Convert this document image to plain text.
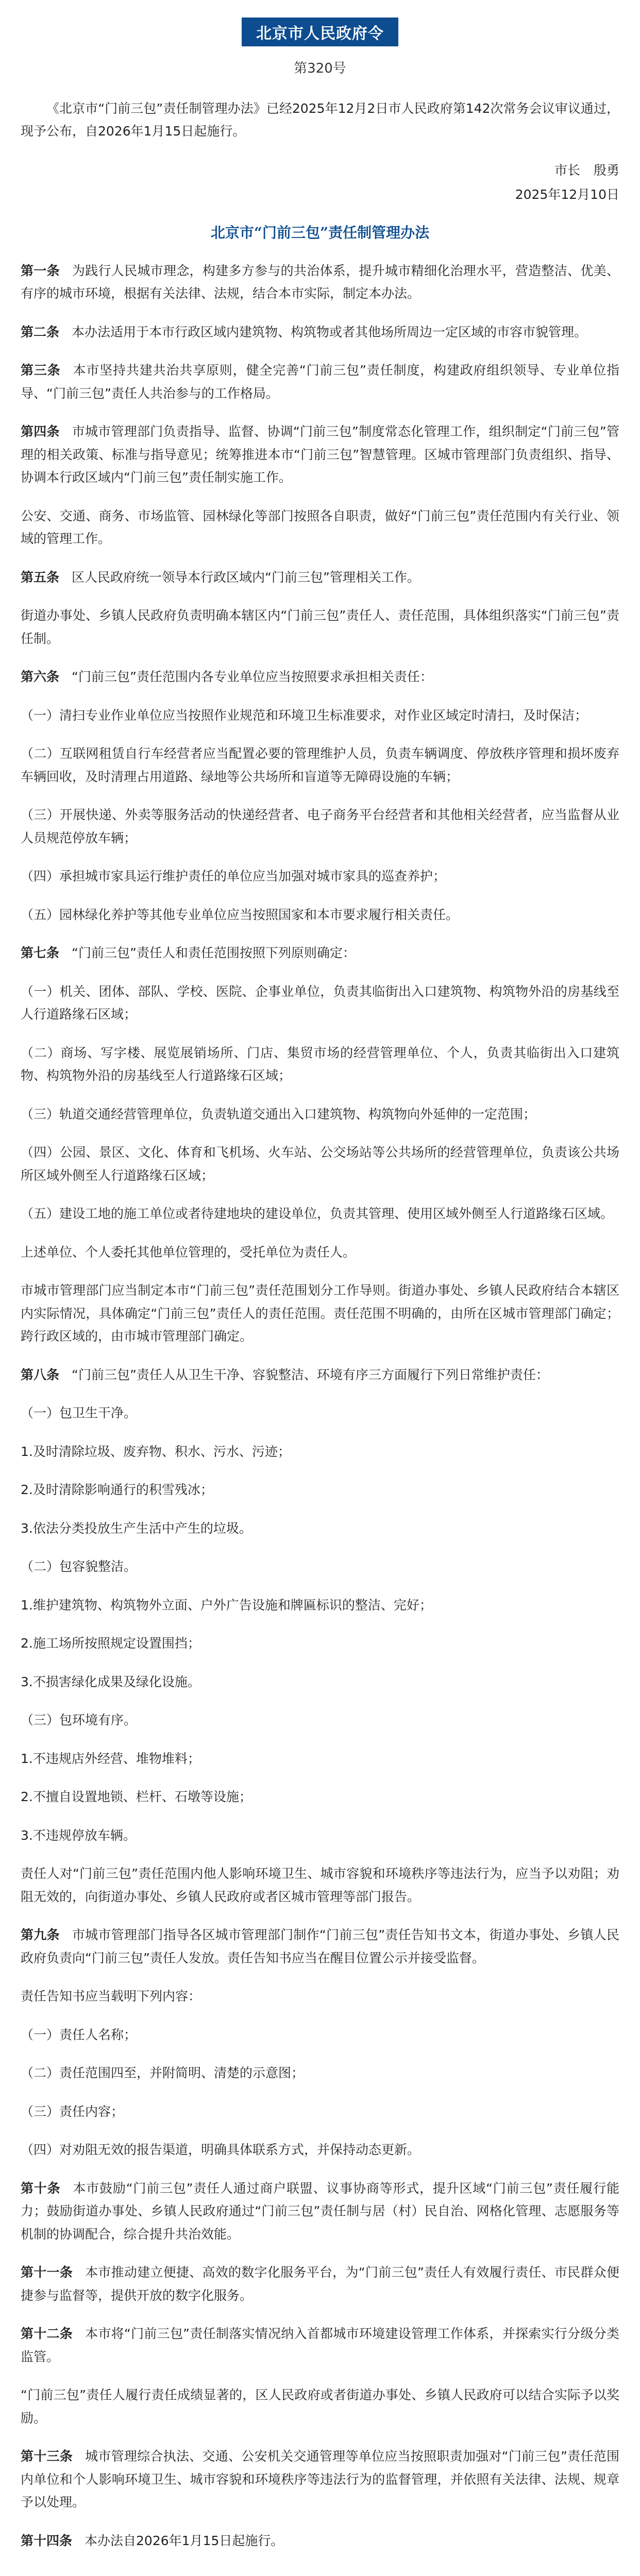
北京市人民政府令
第320号

《北京市“门前三包”责任制管理办法》已经2025年12月2日市人民政府第142次常务会议审议通过，现予公布，自2026年1月15日起施行。

市长 殷勇
2025年12月10日
北京市“门前三包”责任制管理办法

第一条 为践行人民城市理念，构建多方参与的共治体系，提升城市精细化治理水平，营造整洁、优美、有序的城市环境，根据有关法律、法规，结合本市实际，制定本办法。

第二条 本办法适用于本市行政区域内建筑物、构筑物或者其他场所周边一定区域的市容市貌管理。

第三条 本市坚持共建共治共享原则，健全完善“门前三包”责任制度，构建政府组织领导、专业单位指导、“门前三包”责任人共治参与的工作格局。

第四条 市城市管理部门负责指导、监督、协调“门前三包”制度常态化管理工作，组织制定“门前三包”管理的相关政策、标准与指导意见；统筹推进本市“门前三包”智慧管理。区城市管理部门负责组织、指导、协调本行政区域内“门前三包”责任制实施工作。

公安、交通、商务、市场监管、园林绿化等部门按照各自职责，做好“门前三包”责任范围内有关行业、领域的管理工作。

第五条 区人民政府统一领导本行政区域内“门前三包”管理相关工作。

街道办事处、乡镇人民政府负责明确本辖区内“门前三包”责任人、责任范围，具体组织落实“门前三包”责任制。

第六条 “门前三包”责任范围内各专业单位应当按照要求承担相关责任：

（一）清扫专业作业单位应当按照作业规范和环境卫生标准要求，对作业区域定时清扫，及时保洁；

（二）互联网租赁自行车经营者应当配置必要的管理维护人员，负责车辆调度、停放秩序管理和损坏废弃车辆回收，及时清理占用道路、绿地等公共场所和盲道等无障碍设施的车辆；

（三）开展快递、外卖等服务活动的快递经营者、电子商务平台经营者和其他相关经营者，应当监督从业人员规范停放车辆；

（四）承担城市家具运行维护责任的单位应当加强对城市家具的巡查养护；

（五）园林绿化养护等其他专业单位应当按照国家和本市要求履行相关责任。

第七条 “门前三包”责任人和责任范围按照下列原则确定：

（一）机关、团体、部队、学校、医院、企事业单位，负责其临街出入口建筑物、构筑物外沿的房基线至人行道路缘石区域；

（二）商场、写字楼、展览展销场所、门店、集贸市场的经营管理单位、个人，负责其临街出入口建筑物、构筑物外沿的房基线至人行道路缘石区域；

（三）轨道交通经营管理单位，负责轨道交通出入口建筑物、构筑物向外延伸的一定范围；

（四）公园、景区、文化、体育和飞机场、火车站、公交场站等公共场所的经营管理单位，负责该公共场所区域外侧至人行道路缘石区域；

（五）建设工地的施工单位或者待建地块的建设单位，负责其管理、使用区域外侧至人行道路缘石区域。

上述单位、个人委托其他单位管理的，受托单位为责任人。

市城市管理部门应当制定本市“门前三包”责任范围划分工作导则。街道办事处、乡镇人民政府结合本辖区内实际情况，具体确定“门前三包”责任人的责任范围。责任范围不明确的，由所在区城市管理部门确定；跨行政区域的，由市城市管理部门确定。

第八条 “门前三包”责任人从卫生干净、容貌整洁、环境有序三方面履行下列日常维护责任：

（一）包卫生干净。

1.及时清除垃圾、废弃物、积水、污水、污迹；

2.及时清除影响通行的积雪残冰；

3.依法分类投放生产生活中产生的垃圾。

（二）包容貌整洁。

1.维护建筑物、构筑物外立面、户外广告设施和牌匾标识的整洁、完好；

2.施工场所按照规定设置围挡；

3.不损害绿化成果及绿化设施。

（三）包环境有序。

1.不违规店外经营、堆物堆料；

2.不擅自设置地锁、栏杆、石墩等设施；

3.不违规停放车辆。

责任人对“门前三包”责任范围内他人影响环境卫生、城市容貌和环境秩序等违法行为，应当予以劝阻；劝阻无效的，向街道办事处、乡镇人民政府或者区城市管理等部门报告。

第九条 市城市管理部门指导各区城市管理部门制作“门前三包”责任告知书文本，街道办事处、乡镇人民政府负责向“门前三包”责任人发放。责任告知书应当在醒目位置公示并接受监督。

责任告知书应当载明下列内容：

（一）责任人名称；

（二）责任范围四至，并附简明、清楚的示意图；

（三）责任内容；

（四）对劝阻无效的报告渠道，明确具体联系方式，并保持动态更新。

第十条 本市鼓励“门前三包”责任人通过商户联盟、议事协商等形式，提升区域“门前三包”责任履行能力；鼓励街道办事处、乡镇人民政府通过“门前三包”责任制与居（村）民自治、网格化管理、志愿服务等机制的协调配合，综合提升共治效能。

第十一条 本市推动建立便捷、高效的数字化服务平台，为“门前三包”责任人有效履行责任、市民群众便捷参与监督等，提供开放的数字化服务。

第十二条 本市将“门前三包”责任制落实情况纳入首都城市环境建设管理工作体系，并探索实行分级分类监管。

“门前三包”责任人履行责任成绩显著的，区人民政府或者街道办事处、乡镇人民政府可以结合实际予以奖励。

第十三条 城市管理综合执法、交通、公安机关交通管理等单位应当按照职责加强对“门前三包”责任范围内单位和个人影响环境卫生、城市容貌和环境秩序等违法行为的监督管理，并依照有关法律、法规、规章予以处理。

第十四条 本办法自2026年1月15日起施行。
